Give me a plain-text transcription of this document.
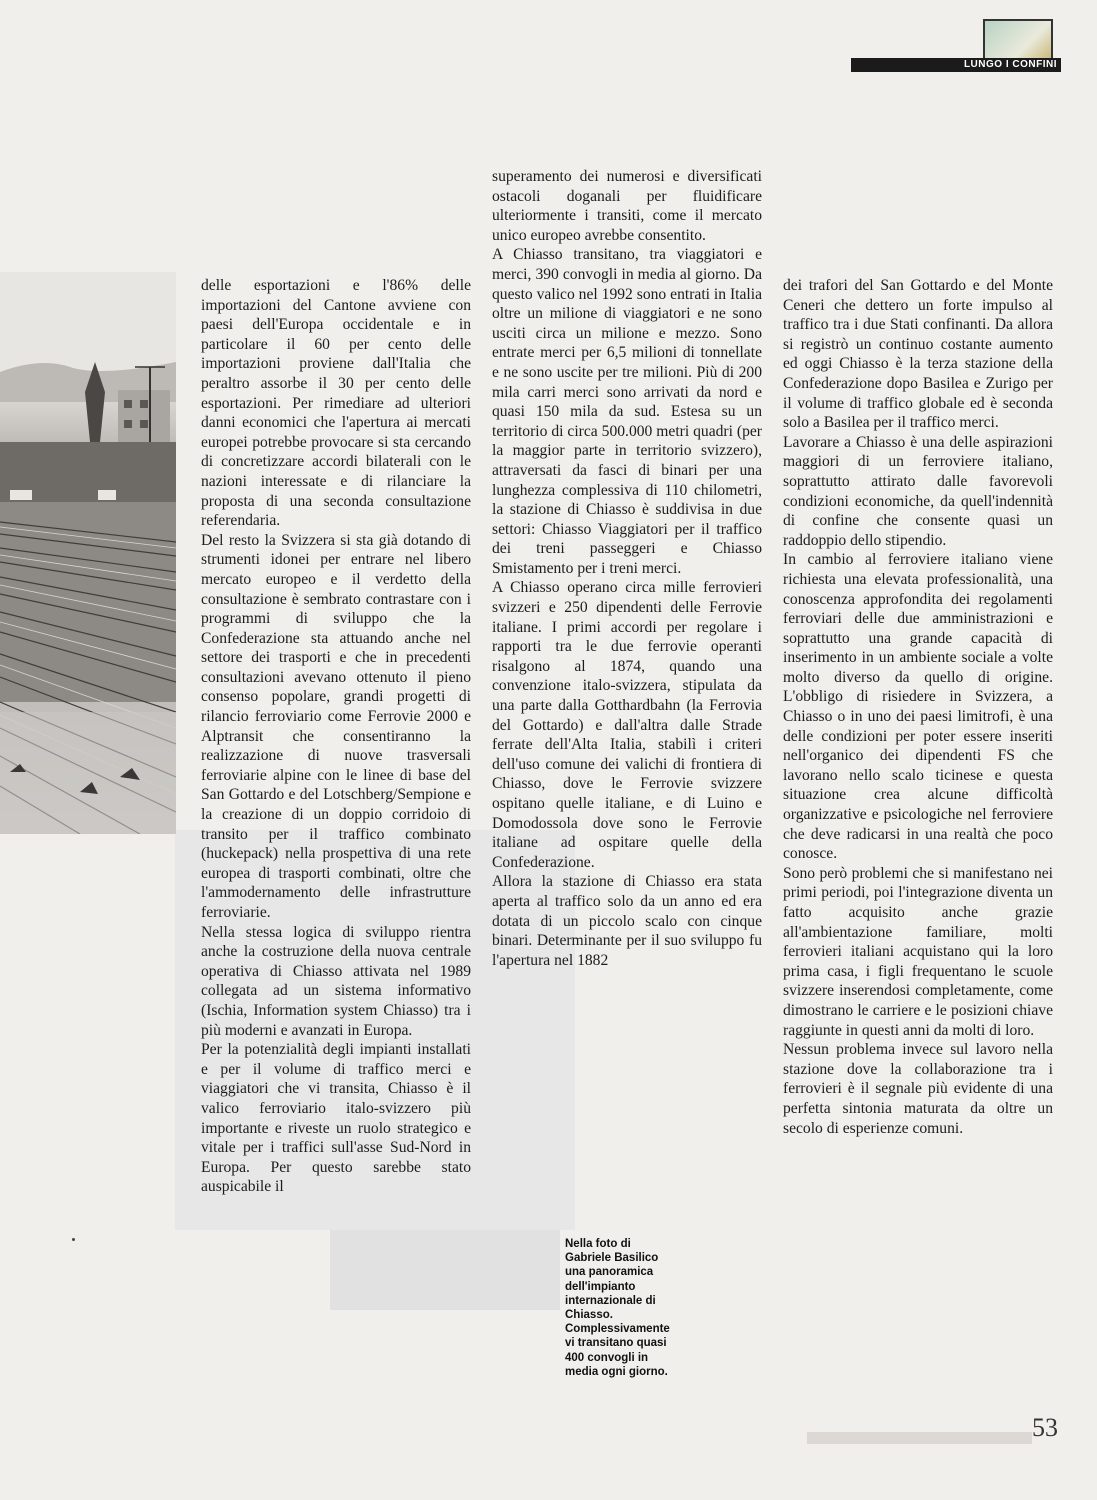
LUNGO I CONFINI

delle esportazioni e l'86% delle importazioni del Cantone avviene con paesi dell'Europa occidentale e in particolare il 60 per cento delle importazioni proviene dall'Italia che peraltro assorbe il 30 per cento delle esportazioni. Per rimediare ad ulteriori danni economici che l'apertura ai mercati europei potrebbe provocare si sta cercando di concretizzare accordi bilaterali con le nazioni interessate e di rilanciare la proposta di una seconda consultazione referendaria.

Del resto la Svizzera si sta già dotando di strumenti idonei per entrare nel libero mercato europeo e il verdetto della consultazione è sembrato contrastare con i programmi di sviluppo che la Confederazione sta attuando anche nel settore dei trasporti e che in precedenti consultazioni avevano ottenuto il pieno consenso popolare, grandi progetti di rilancio ferroviario come Ferrovie 2000 e Alptransit che consentiranno la realizzazione di nuove trasversali ferroviarie alpine con le linee di base del San Gottardo e del Lotschberg/Sempione e la creazione di un doppio corridoio di transito per il traffico combinato (huckepack) nella prospettiva di una rete europea di trasporti combinati, oltre che l'ammodernamento delle infrastrutture ferroviarie.

Nella stessa logica di sviluppo rientra anche la costruzione della nuova centrale operativa di Chiasso attivata nel 1989 collegata ad un sistema informativo (Ischia, Information system Chiasso) tra i più moderni e avanzati in Europa.

Per la potenzialità degli impianti installati e per il volume di traffico merci e viaggiatori che vi transita, Chiasso è il valico ferroviario italo-svizzero più importante e riveste un ruolo strategico e vitale per i traffici sull'asse Sud-Nord in Europa. Per questo sarebbe stato auspicabile il

superamento dei numerosi e diversificati ostacoli doganali per fluidificare ulteriormente i transiti, come il mercato unico europeo avrebbe consentito.

A Chiasso transitano, tra viaggiatori e merci, 390 convogli in media al giorno. Da questo valico nel 1992 sono entrati in Italia oltre un milione di viaggiatori e ne sono usciti circa un milione e mezzo. Sono entrate merci per 6,5 milioni di tonnellate e ne sono uscite per tre milioni. Più di 200 mila carri merci sono arrivati da nord e quasi 150 mila da sud. Estesa su un territorio di circa 500.000 metri quadri (per la maggior parte in territorio svizzero), attraversati da fasci di binari per una lunghezza complessiva di 110 chilometri, la stazione di Chiasso è suddivisa in due settori: Chiasso Viaggiatori per il traffico dei treni passeggeri e Chiasso Smistamento per i treni merci.

A Chiasso operano circa mille ferrovieri svizzeri e 250 dipendenti delle Ferrovie italiane. I primi accordi per regolare i rapporti tra le due ferrovie operanti risalgono al 1874, quando una convenzione italo-svizzera, stipulata da una parte dalla Gotthardbahn (la Ferrovia del Gottardo) e dall'altra dalle Strade ferrate dell'Alta Italia, stabilì i criteri dell'uso comune dei valichi di frontiera di Chiasso, dove le Ferrovie svizzere ospitano quelle italiane, e di Luino e Domodossola dove sono le Ferrovie italiane ad ospitare quelle della Confederazione.

Allora la stazione di Chiasso era stata aperta al traffico solo da un anno ed era dotata di un piccolo scalo con cinque binari. Determinante per il suo sviluppo fu l'apertura nel 1882

dei trafori del San Gottardo e del Monte Ceneri che dettero un forte impulso al traffico tra i due Stati confinanti. Da allora si registrò un continuo costante aumento ed oggi Chiasso è la terza stazione della Confederazione dopo Basilea e Zurigo per il volume di traffico globale ed è seconda solo a Basilea per il traffico merci.

Lavorare a Chiasso è una delle aspirazioni maggiori di un ferroviere italiano, soprattutto attirato dalle favorevoli condizioni economiche, da quell'indennità di confine che consente quasi un raddoppio dello stipendio.

In cambio al ferroviere italiano viene richiesta una elevata professionalità, una conoscenza approfondita dei regolamenti ferroviari delle due amministrazioni e soprattutto una grande capacità di inserimento in un ambiente sociale a volte molto diverso da quello di origine. L'obbligo di risiedere in Svizzera, a Chiasso o in uno dei paesi limitrofi, è una delle condizioni per poter essere inseriti nell'organico dei dipendenti FS che lavorano nello scalo ticinese e questa situazione crea alcune difficoltà organizzative e psicologiche nel ferroviere che deve radicarsi in una realtà che poco conosce.

Sono però problemi che si manifestano nei primi periodi, poi l'integrazione diventa un fatto acquisito anche grazie all'ambientazione familiare, molti ferrovieri italiani acquistano qui la loro prima casa, i figli frequentano le scuole svizzere inserendosi completamente, come dimostrano le carriere e le posizioni chiave raggiunte in questi anni da molti di loro.

Nessun problema invece sul lavoro nella stazione dove la collaborazione tra i ferrovieri è il segnale più evidente di una perfetta sintonia maturata da oltre un secolo di esperienze comuni.

Nella foto di Gabriele Basilico una panoramica dell'impianto internazionale di Chiasso. Complessivamente vi transitano quasi 400 convogli in media ogni giorno.
53
